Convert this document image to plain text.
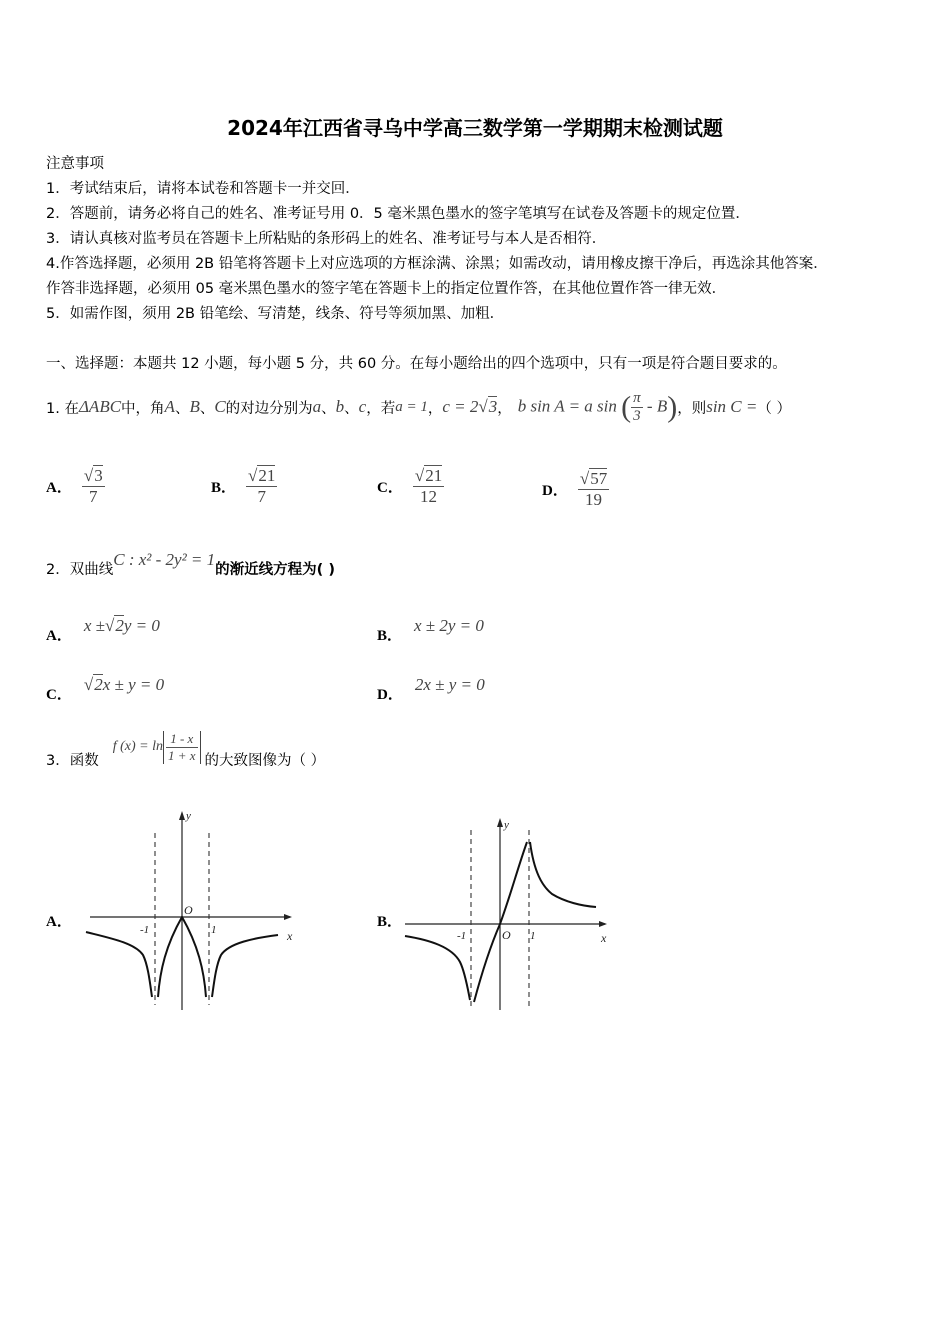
2024年江西省寻乌中学高三数学第一学期期末检测试题
注意事项
1．考试结束后，请将本试卷和答题卡一并交回．
2．答题前，请务必将自己的姓名、准考证号用 0．5 毫米黑色墨水的签字笔填写在试卷及答题卡的规定位置．
3．请认真核对监考员在答题卡上所粘贴的条形码上的姓名、准考证号与本人是否相符．
4.作答选择题，必须用 2B 铅笔将答题卡上对应选项的方框涂满、涂黑；如需改动，请用橡皮擦干净后，再选涂其他答案．
作答非选择题，必须用 05 毫米黑色墨水的签字笔在答题卡上的指定位置作答，在其他位置作答一律无效．
5．如需作图，须用 2B 铅笔绘、写清楚，线条、符号等须加黑、加粗．
一、选择题：本题共 12 小题，每小题 5 分，共 60 分。在每小题给出的四个选项中，只有一项是符合题目要求的。
1. 在 ΔABC 中，角 A 、 B 、 C 的对边分别为 a 、 b 、 c ，若 a = 1 ， c = 2√3 ， b sin A = a sin ( $\frac{\pi}{3} - B$) ，则 sin C = （ ）
A． $\frac{√3}{7}$	B． $\frac{√21}{7}$	C． $\frac{√21}{12}$	D． $\frac{√57}{19}$
2．双曲线
C : x² - 2y² = 1
的渐近线方程为( )
A．
x ±√2y = 0
B．
x ± 2y = 0
C．
√2x ± y = 0
D．
2x ± y = 0
3．函数
f $(x) = \ln \frac{1 - x}{1 + x}$ 的大致图像为（ ）
A．
y
x
O
-1	1	B．
y
x
O
-1	1
